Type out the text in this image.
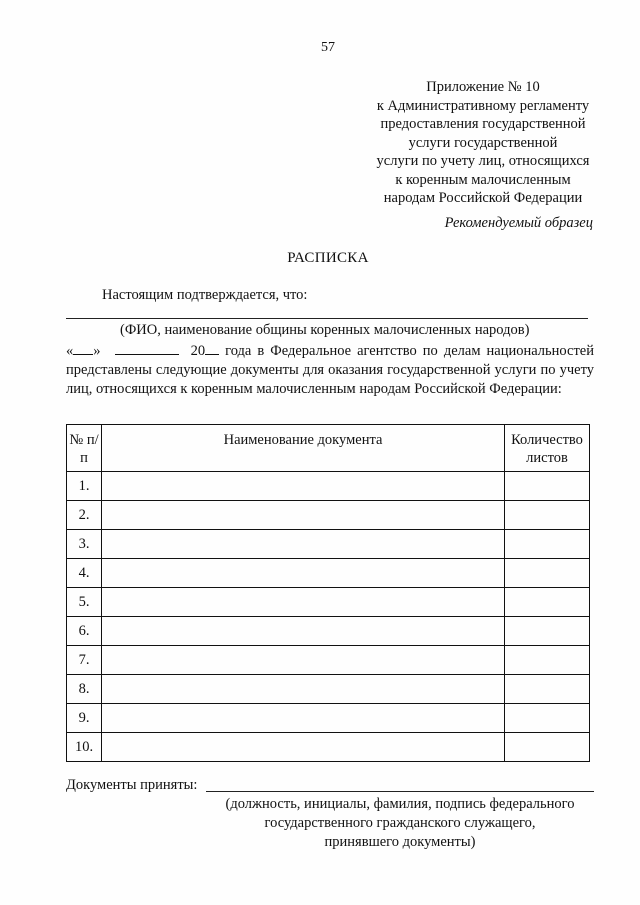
57
Приложение № 10
к Административному регламенту
предоставления государственной
услуги государственной
услуги по учету лиц, относящихся
к коренным малочисленным
народам Российской Федерации
Рекомендуемый образец
РАСПИСКА
Настоящим подтверждается, что:
(ФИО, наименование общины коренных малочисленных народов)

« »	20 года в Федеральное агентство по делам национальностей представлены следующие документы для оказания государственной услуги по учету лиц, относящихся к коренным малочисленным народам Российской Федерации:

№ п/п	Наименование документа	Количество листов
1.		
2.		
3.		
4.		
5.		
6.		
7.		
8.		
9.		
10.		
Документы приняты:
(должность, инициалы, фамилия, подпись федерального
государственного гражданского служащего,
принявшего документы)
